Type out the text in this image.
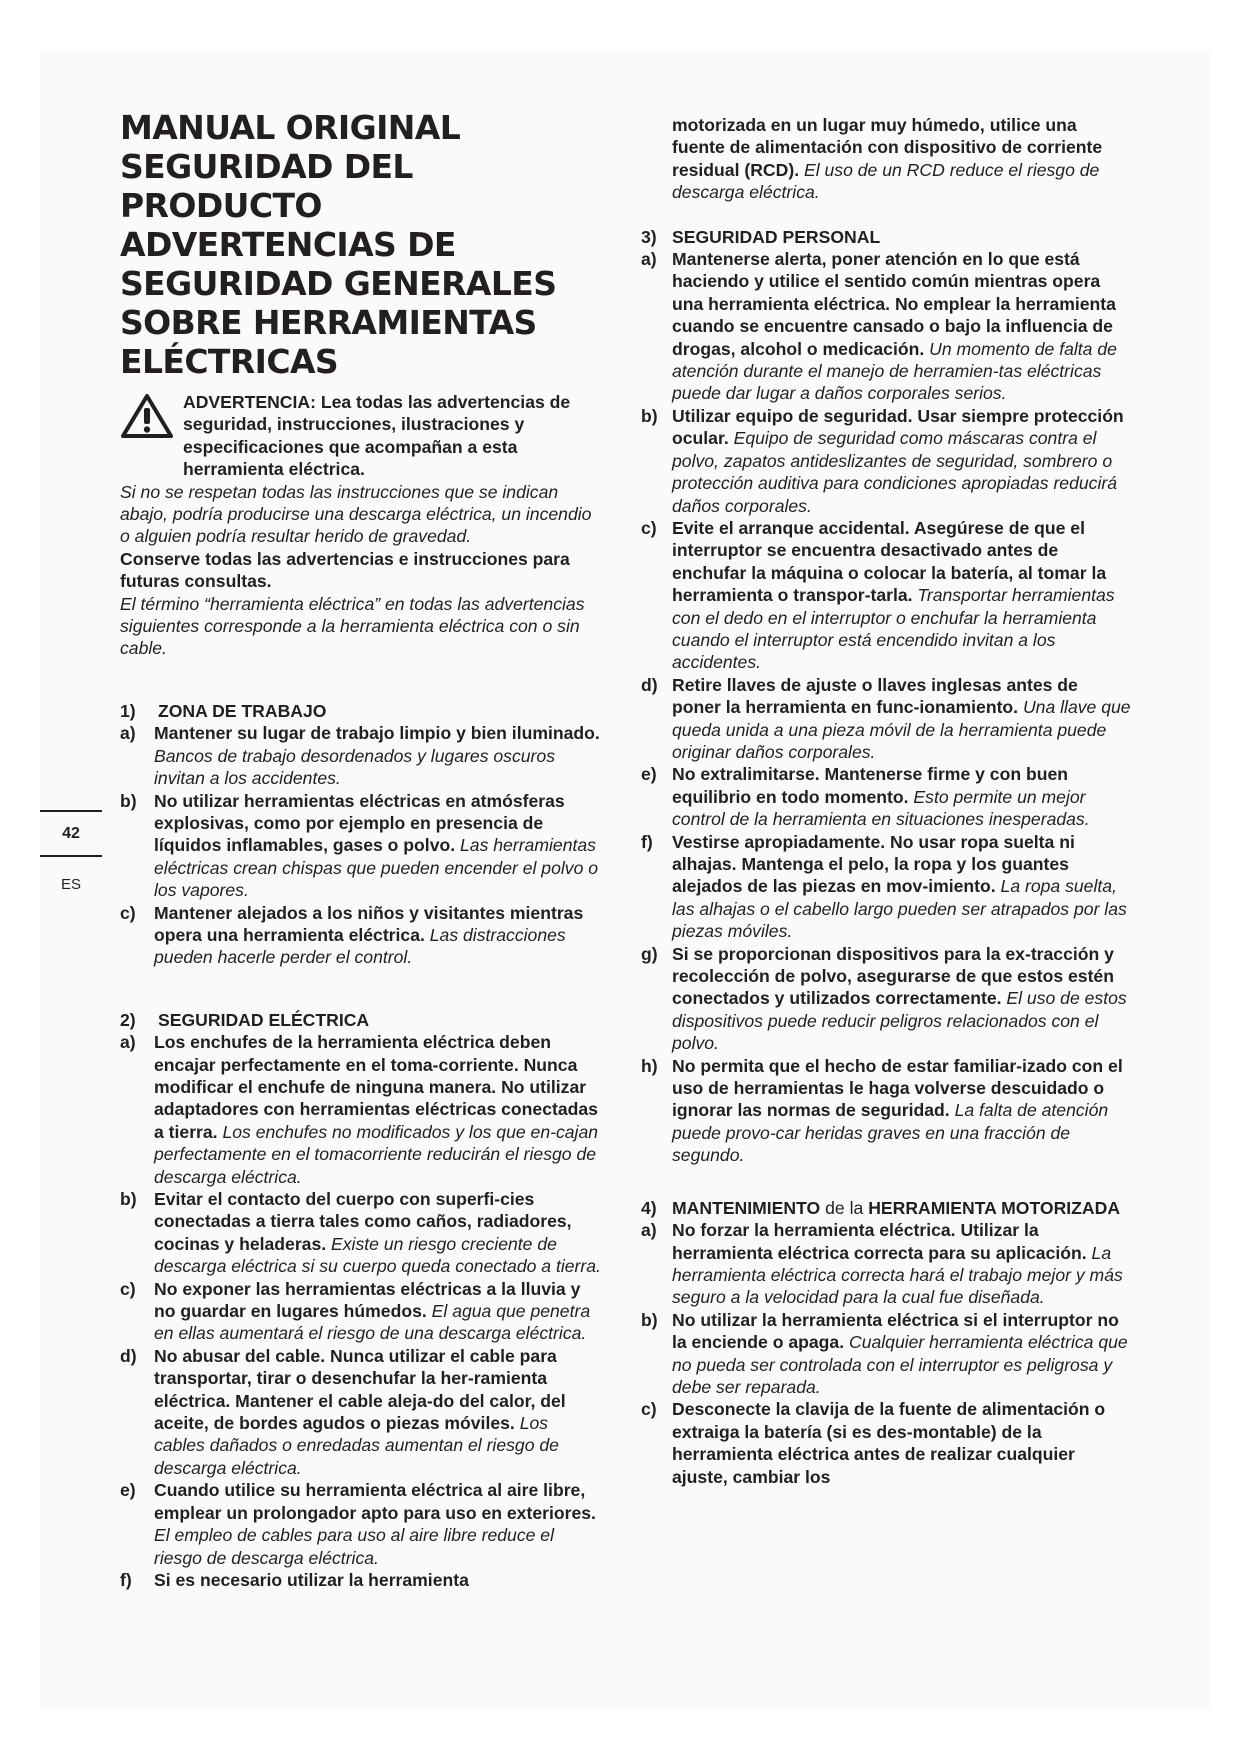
42
ES
MANUAL ORIGINAL
SEGURIDAD DEL
PRODUCTO
ADVERTENCIAS DE
SEGURIDAD GENERALES
SOBRE HERRAMIENTAS
ELÉCTRICAS

ADVERTENCIA: Lea todas las advertencias de seguridad, instrucciones, ilustraciones y especificaciones que acompañan a esta herramienta eléctrica.

Si no se respetan todas las instrucciones que se indican abajo, podría producirse una descarga eléctrica, un incendio o alguien podría resultar herido de gravedad.

Conserve todas las advertencias e instrucciones para futuras consultas.

El término “herramienta eléctrica” en todas las advertencias siguientes corresponde a la herramienta eléctrica con o sin cable.

1) ZONA DE TRABAJO
a)	Mantener su lugar de trabajo limpio y bien iluminado. Bancos de trabajo desordenados y lugares oscuros invitan a los accidentes.
b) No utilizar herramientas eléctricas en atmósferas explosivas, como por ejemplo en presencia de líquidos inflamables, gases o polvo. Las herramientas eléctricas crean chispas que pueden encender el polvo o los vapores.
c)	Mantener alejados a los niños y visitantes mientras opera una herramienta eléctrica. Las distracciones pueden hacerle perder el control.
2) SEGURIDAD ELÉCTRICA
a)	Los enchufes de la herramienta eléctrica deben encajar perfectamente en el toma-corriente. Nunca modificar el enchufe de ninguna manera. No utilizar adaptadores con herramientas eléctricas conectadas a tierra. Los enchufes no modificados y los que en-cajan perfectamente en el tomacorriente reducirán el riesgo de descarga eléctrica.
b) Evitar el contacto del cuerpo con superfi-cies conectadas a tierra tales como caños, radiadores, cocinas y heladeras. Existe un riesgo creciente de descarga eléctrica si su cuerpo queda conectado a tierra.
c)	No exponer las herramientas eléctricas a la lluvia y no guardar en lugares húmedos. El agua que penetra en ellas aumentará el riesgo de una descarga eléctrica.
d) No abusar del cable. Nunca utilizar el cable para transportar, tirar o desenchufar la her-ramienta eléctrica. Mantener el cable aleja-do del calor, del aceite, de bordes agudos o piezas móviles. Los cables dañados o enredadas aumentan el riesgo de descarga eléctrica.
e)	Cuando utilice su herramienta eléctrica al aire libre, emplear un prolongador apto para uso en exteriores. El empleo de cables para uso al aire libre reduce el riesgo de descarga eléctrica.
f)	Si es necesario utilizar la herramienta
motorizada en un lugar muy húmedo, utilice una fuente de alimentación con dispositivo de corriente residual (RCD). El uso de un RCD reduce el riesgo de descarga eléctrica.
3) SEGURIDAD PERSONAL
a) Mantenerse alerta, poner atención en lo que está haciendo y utilice el sentido común mientras opera una herramienta eléctrica. No emplear la herramienta cuando se encuentre cansado o bajo la influencia de drogas, alcohol o medicación. Un momento de falta de atención durante el manejo de herramien-tas eléctricas puede dar lugar a daños corporales serios.
b) Utilizar equipo de seguridad. Usar siempre protección ocular. Equipo de seguridad como máscaras contra el polvo, zapatos antideslizantes de seguridad, sombrero o protección auditiva para condiciones apropiadas reducirá daños corporales.
c) Evite el arranque accidental. Asegúrese de que el interruptor se encuentra desactivado antes de enchufar la máquina o colocar la batería, al tomar la herramienta o transpor-tarla. Transportar herramientas con el dedo en el interruptor o enchufar la herramienta cuando el interruptor está encendido invitan a los accidentes.
d) Retire llaves de ajuste o llaves inglesas antes de poner la herramienta en func-ionamiento. Una llave que queda unida a una pieza móvil de la herramienta puede originar daños corporales.
e) No extralimitarse. Mantenerse firme y con buen equilibrio en todo momento. Esto permite un mejor control de la herramienta en situaciones inesperadas.
f)	Vestirse apropiadamente. No usar ropa suelta ni alhajas. Mantenga el pelo, la ropa y los guantes alejados de las piezas en mov-imiento. La ropa suelta, las alhajas o el cabello largo pueden ser atrapados por las piezas móviles.
g) Si se proporcionan dispositivos para la ex-tracción y recolección de polvo, asegurarse de que estos estén conectados y utilizados correctamente. El uso de estos dispositivos puede reducir peligros relacionados con el polvo.
h) No permita que el hecho de estar familiar-izado con el uso de herramientas le haga volverse descuidado o ignorar las normas de seguridad. La falta de atención puede provo-car heridas graves en una fracción de segundo.
4) MANTENIMIENTO de la HERRAMIENTA MOTORIZADA
a) No forzar la herramienta eléctrica. Utilizar la herramienta eléctrica correcta para su aplicación. La herramienta eléctrica correcta hará el trabajo mejor y más seguro a la velocidad para la cual fue diseñada.
b) No utilizar la herramienta eléctrica si el interruptor no la enciende o apaga. Cualquier herramienta eléctrica que no pueda ser controlada con el interruptor es peligrosa y debe ser reparada.
c) Desconecte la clavija de la fuente de alimentación o extraiga la batería (si es des-montable) de la herramienta eléctrica antes de realizar cualquier ajuste, cambiar los
